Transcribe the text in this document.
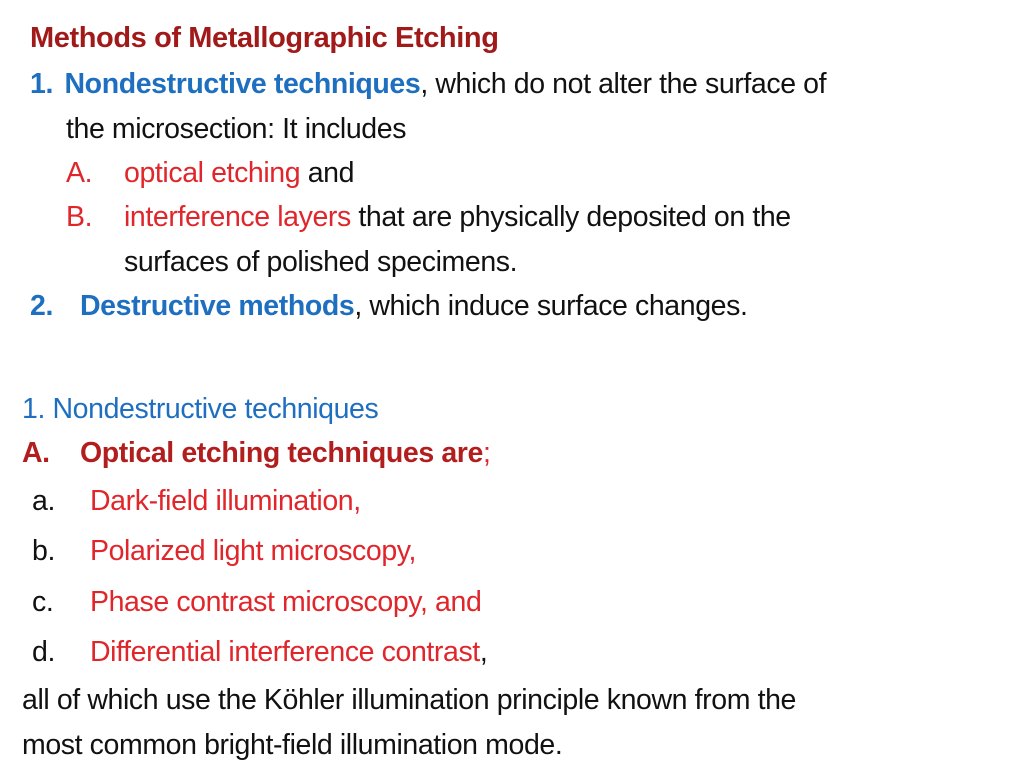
Methods of Metallographic Etching
1. Nondestructive techniques, which do not alter the surface of
the microsection: It includes
A. optical etching and
B. interference layers that are physically deposited on the
surfaces of polished specimens.
2. Destructive methods, which induce surface changes.
1. Nondestructive techniques
A. Optical etching techniques are;
a. Dark-field illumination,
b. Polarized light microscopy,
c. Phase contrast microscopy, and
d. Differential interference contrast,
all of which use the Köhler illumination principle known from the
most common bright-field illumination mode.
